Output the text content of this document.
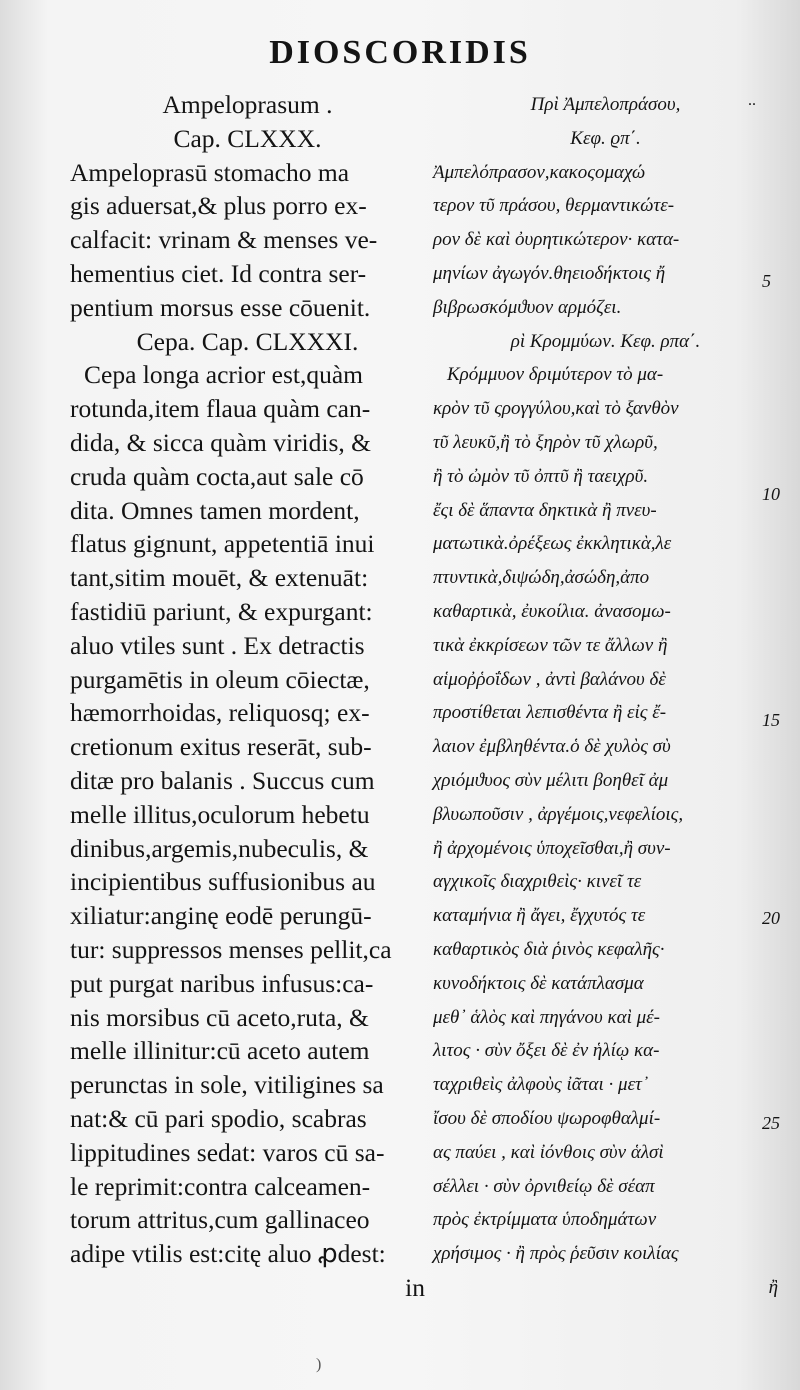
DIOSCORIDIS
Ampeloprasum .
Cap. CLXXX.
Ampeloprasū stomacho ma
gis aduersat,& plus porro ex-
calfacit: vrinam & menses ve-
hementius ciet. Id contra ser-
pentium morsus esse cōuenit.
Cepa. Cap. CLXXXI.
Cepa longa acrior est,quàm
rotunda,item flaua quàm can-
dida, & sicca quàm viridis, &
cruda quàm cocta,aut sale cō
dita. Omnes tamen mordent,
flatus gignunt, appetentiā inui
tant,sitim mouēt, & extenuāt:
fastidiū pariunt, & expurgant:
aluo vtiles sunt . Ex detractis
purgamētis in oleum cōiectæ,
hæmorrhoidas, reliquosq; ex-
cretionum exitus reserāt, sub-
ditæ pro balanis . Succus cum
melle illitus,oculorum hebetu
dinibus,argemis,nubeculis, &
incipientibus suffusionibus au
xiliatur:anginę eodē perungū-
tur: suppressos menses pellit,ca
put purgat naribus infusus:ca-
nis morsibus cū aceto,ruta, &
melle illinitur:cū aceto autem
perunctas in sole, vitiligines sa
nat:& cū pari spodio, scabras
lippitudines sedat: varos cū sa-
le reprimit:contra calceamen-
torum attritus,cum gallinaceo
adipe vtilis est:citę aluo ꝓdest:
in
Πρὶ Ἀμπελοπράσου,
Κεφ. ϱπ΄.
Ἀμπελόπρασον,κακοςομαχώ
τερον τῦ πράσου, θερμαντικώτε-
ρον δὲ καὶ ὀυρητικώτερον· κατα-
μηνίων ἀγωγόν.θηειοδήκτοις ἤ
βιβρωσκόμϑυον αρμόζει.
ρὶ Κρομμύων. Κεφ. ρπα΄.
Κρόμμυον δριμύτερον τὸ μα-
κρὸν τῦ ςρογγύλου,καὶ τὸ ξανθὸν
τῦ λευκῦ,ἢ τὸ ξηρὸν τῦ χλωρῦ,
ἢ τὸ ὠμὸν τῦ ὀπτῦ ἢ ταειχρῦ.
ἔςι δὲ ἅπαντα δηκτικὰ ἢ πνευ-
ματωτικὰ.ὀρέξεως ἐκκλητικὰ,λε
πτυντικὰ,διψώδη,ἀσώδη,ἀπο
καθαρτικὰ, ἐυκοίλια. ἀνασομω-
τικὰ ἐκκρίσεων τῶν τε ἄλλων ἢ
αἱμοῤῥοΐδων , ἀντὶ βαλάνου δὲ
προστίθεται λεπισθέντα ἢ εἰς ἔ-
λαιον ἐμβληθέντα.ὁ δὲ χυλὸς σὺ
χριόμϑυος σὺν μέλιτι βοηθεῖ ἀμ
βλυωποῦσιν , ἀργέμοις,νεφελίοις,
ἢ ἀρχομένοις ὑποχεῖσθαι,ἢ συν-
αγχικοῖς διαχριθεὶς· κινεῖ τε
καταμήνια ἢ ἄγει, ἔγχυτός τε
καθαρτικὸς διὰ ῥινὸς κεφαλῆς·
κυνοδήκτοις δὲ κατάπλασμα
μεθ᾽ ἁλὸς καὶ πηγάνου καὶ μέ-
λιτος · σὺν ὄξει δὲ ἐν ἡλίῳ κα-
ταχριθεὶς ἀλφοὺς ἰᾶται · μετ᾽
ἴσου δὲ σποδίου ψωροφθαλμί-
ας παύει , καὶ ἰόνθοις σὺν ἁλσὶ
σέλλει · σὺν ὀρνιθείῳ δὲ σέαπ
πρὸς ἐκτρίμματα ὑποδημάτων
χρήσιμος · ἢ πρὸς ῥεῦσιν κοιλίας
ἢ
..
5
10
15
20
25
)
